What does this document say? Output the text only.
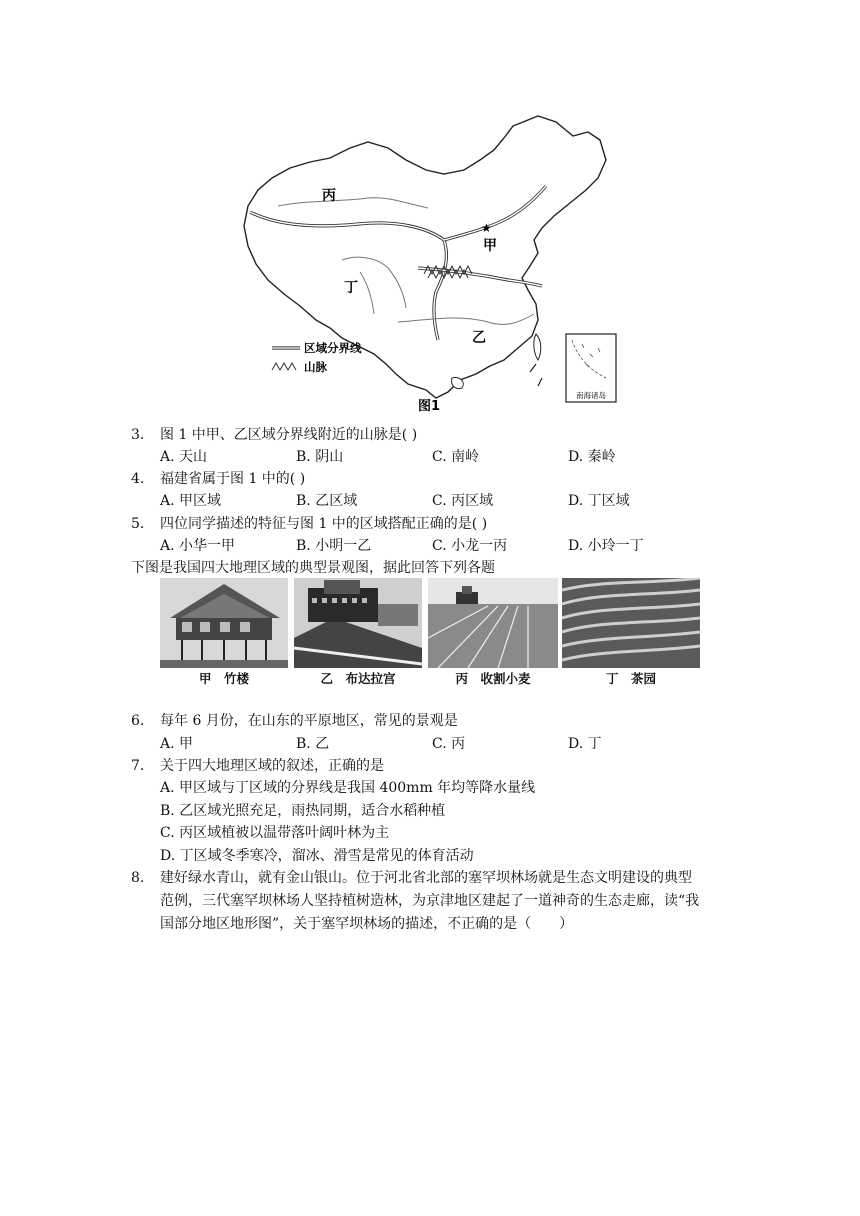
★
丙
甲
丁
乙
区域分界线
山脉
南海诸岛
图1
3. 图 1 中甲、乙区域分界线附近的山脉是( )
A. 天山	B. 阴山	C. 南岭	D. 秦岭
4. 福建省属于图 1 中的( )
A. 甲区域	B. 乙区域	C. 丙区域	D. 丁区域
5. 四位同学描述的特征与图 1 中的区域搭配正确的是( )
A. 小华一甲	B. 小明一乙	C. 小龙一丙	D. 小玲一丁
下图是我国四大地理区域的典型景观图，据此回答下列各题
甲　竹楼	乙　布达拉宫	丙　收割小麦	丁　茶园
6. 每年 6 月份，在山东的平原地区，常见的景观是
A. 甲	B. 乙	C. 丙	D. 丁
7. 关于四大地理区域的叙述，正确的是
A. 甲区域与丁区域的分界线是我国 400mm 年均等降水量线
B. 乙区域光照充足，雨热同期，适合水稻种植
C. 丙区域植被以温带落叶阔叶林为主
D. 丁区域冬季寒冷，溜冰、滑雪是常见的体育活动
8. 建好绿水青山，就有金山银山。位于河北省北部的塞罕坝林场就是生态文明建设的典型
范例，三代塞罕坝林场人坚持植树造林，为京津地区建起了一道神奇的生态走廊，读“我
国部分地区地形图”，关于塞罕坝林场的描述，不正确的是（　　）
